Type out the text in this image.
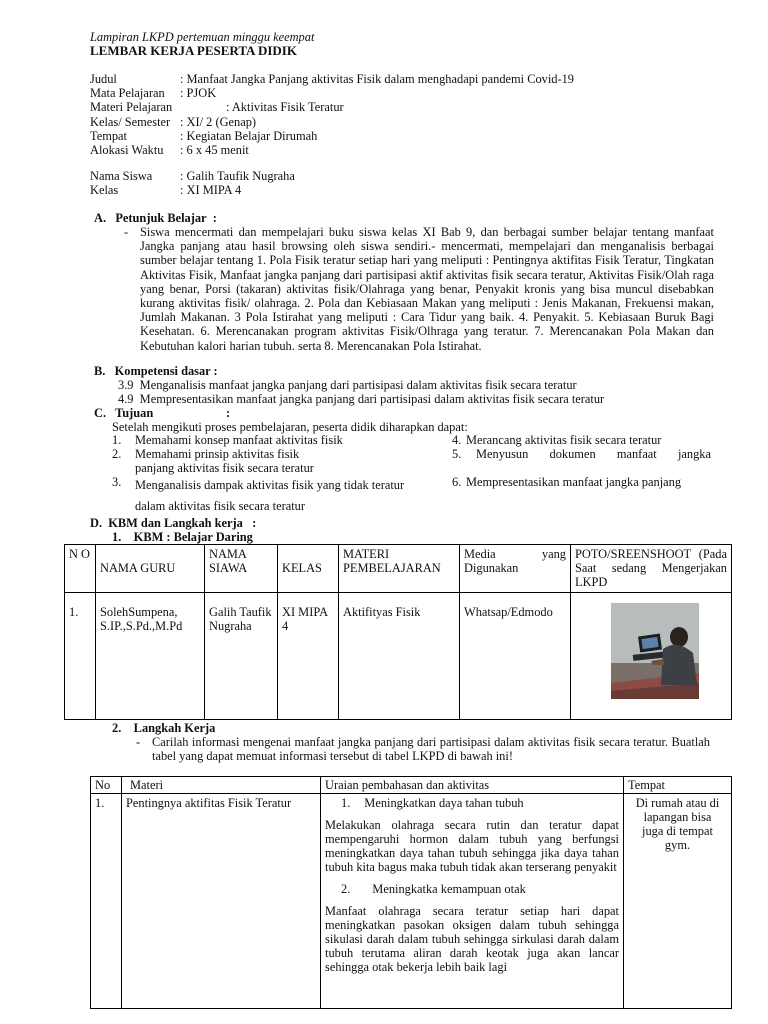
Lampiran LKPD pertemuan minggu keempat
LEMBAR KERJA PESERTA DIDIK
Judul	: Manfaat Jangka Panjang aktivitas Fisik dalam menghadapi pandemi Covid-19
Mata Pelajaran : PJOK
Materi Pelajaran	: Aktivitas Fisik Teratur
Kelas/ Semester : XI/ 2 (Genap)
Tempat	: Kegiatan Belajar Dirumah
Alokasi Waktu : 6 x 45 menit
Nama Siswa : Galih Taufik Nugraha
Kelas	: XI MIPA 4
A.   Petunjuk Belajar  :
- Siswa mencermati dan mempelajari buku siswa kelas XI Bab 9, dan berbagai sumber belajar tentang manfaat Jangka panjang atau hasil browsing oleh siswa sendiri.- mencermati, mempelajari dan menganalisis berbagai sumber belajar tentang 1. Pola Fisik teratur setiap hari yang meliputi : Pentingnya aktifitas Fisik Teratur, Tingkatan Aktivitas Fisik, Manfaat jangka panjang dari partisipasi aktif aktivitas fisik secara teratur, Aktivitas Fisik/Olah raga yang benar, Porsi (takaran) aktivitas fisik/Olahraga yang benar, Penyakit kronis yang bisa muncul disebabkan kurang aktivitas fisik/ olahraga. 2. Pola dan Kebiasaan Makan yang meliputi : Jenis Makanan, Frekuensi makan, Jumlah Makanan. 3 Pola Istirahat yang meliputi : Cara Tidur yang baik. 4. Penyakit. 5. Kebiasaan Buruk Bagi Kesehatan. 6. Merencanakan program aktivitas Fisik/Olhraga yang teratur. 7. Merencanakan Pola Makan dan Kebutuhan kalori harian tubuh. serta 8. Merencanakan Pola Istirahat.
B.   Kompetensi dasar :
3.9  Menganalisis manfaat jangka panjang dari partisipasi dalam aktivitas fisik secara teratur
4.9  Mempresentasikan manfaat jangka panjang dari partisipasi dalam aktivitas fisik secara teratur
C.   Tujuan	:
Setelah mengikuti proses pembelajaran, peserta didik diharapkan dapat:
1. Memahami konsep manfaat aktivitas fisik
2. Memahami prinsip aktivitas fisik panjang aktivitas fisik secara teratur
3. Menganalisis dampak aktivitas fisik yang tidak teratur dalam aktivitas fisik secara teratur
4. Merancang aktivitas fisik secara teratur
5. Menyusun dokumen manfaat jangka
6. Mempresentasikan manfaat jangka panjang
D.  KBM dan Langkah kerja   :
1.    KBM : Belajar Daring
N O	NAMA GURU	NAMA SIAWA	KELAS	MATERI PEMBELAJARAN	Media yang Digunakan	POTO/SREENSHOOT (Pada Saat sedang Mengerjakan LKPD
1.	SolehSumpena, S.IP.,S.Pd.,M.Pd	Galih Taufik Nugraha	XI MIPA 4	Aktifityas Fisik	Whatsap/Edmodo	
2.    Langkah Kerja
- Carilah informasi mengenai manfaat jangka panjang dari partisipasi dalam aktivitas fisik secara teratur. Buatlah tabel yang dapat memuat informasi tersebut di tabel LKPD di bawah ini!
No	Materi	Uraian pembahasan dan aktivitas	Tempat
1.	Pentingnya aktifitas Fisik Teratur	1. Meningkatkan daya tahan tubuh
Melakukan olahraga secara rutin dan teratur dapat mempengaruhi hormon dalam tubuh yang berfungsi meningkatkan daya tahan tubuh sehingga jika daya tahan tubuh kita bagus maka tubuh tidak akan terserang penyakit
2. Meningkatka kemampuan otak
Manfaat olahraga secara teratur setiap hari dapat meningkatkan pasokan oksigen dalam tubuh sehingga sikulasi darah dalam tubuh sehingga sirkulasi darah dalam tubuh terutama aliran darah keotak juga akan lancar sehingga otak bekerja lebih baik lagi	Di rumah atau di lapangan bisa juga di tempat gym.
